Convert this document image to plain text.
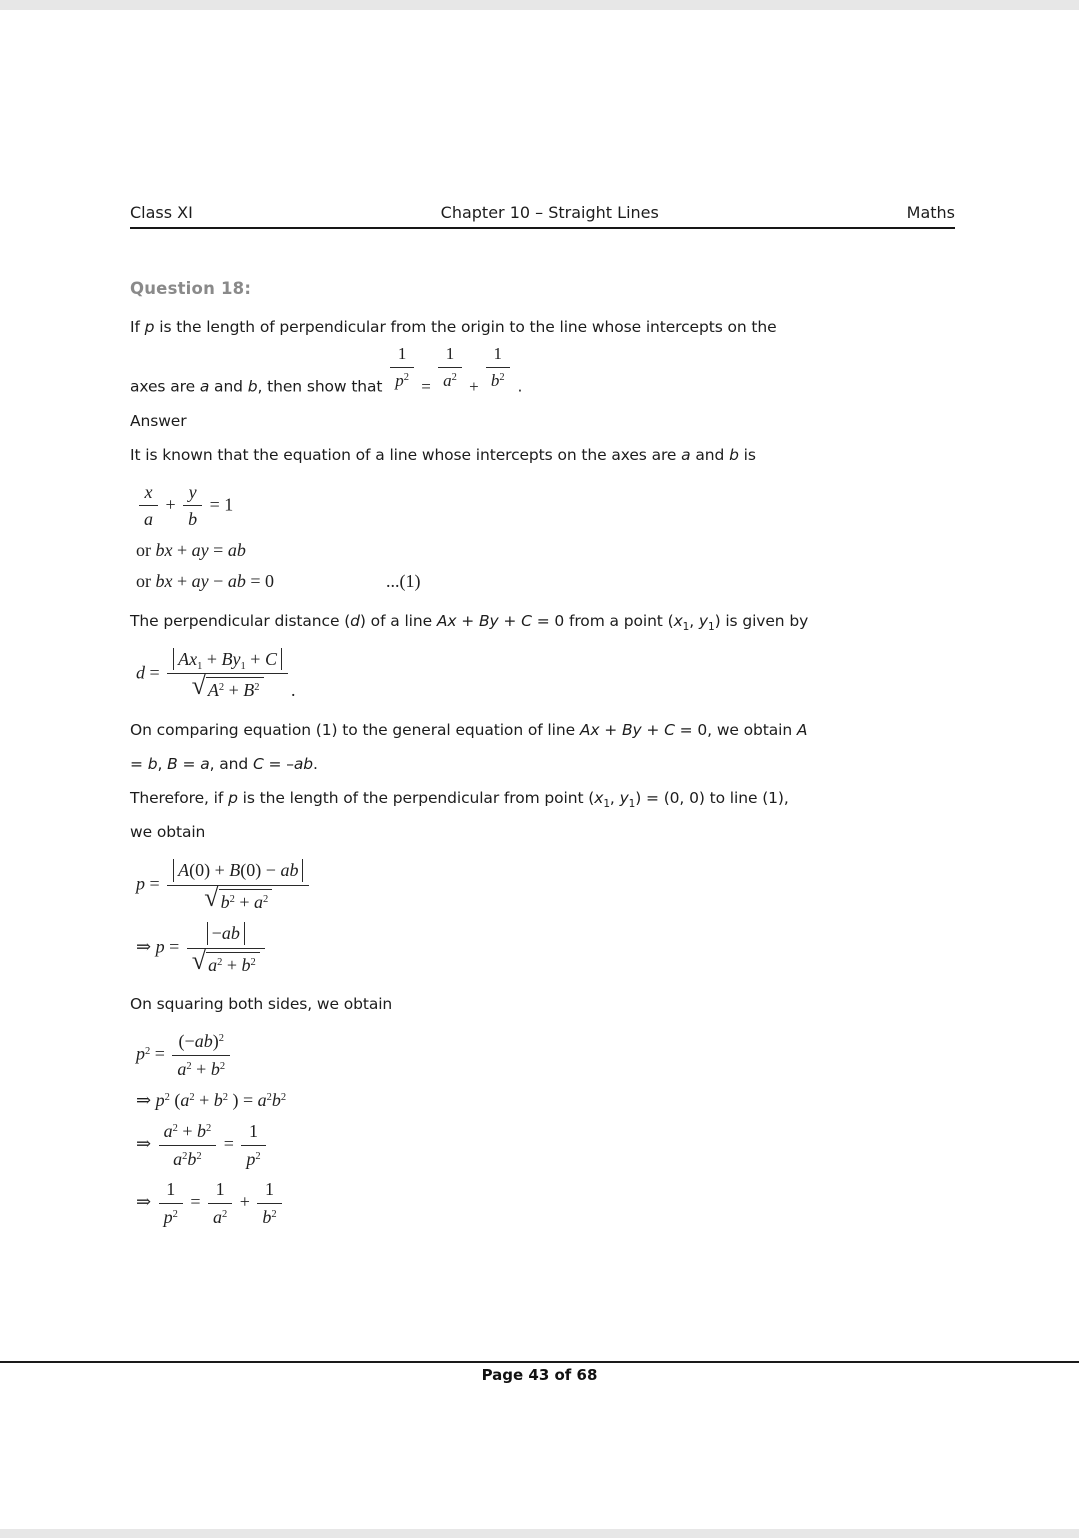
Class XI	Chapter 10 – Straight Lines	Maths
Question 18:
If p is the length of perpendicular from the origin to the line whose intercepts on the
axes are a and b, then show that $\frac{1}{p^2} = \frac{1}{a^2} + \frac{1}{b^2}$ .
Answer
It is known that the equation of a line whose intercepts on the axes are a and b is
$\frac{x}{a} + \frac{y}{b} = 1$
or bx + ay = ab
or bx + ay − ab = 0	...(1)
The perpendicular distance (d) of a line Ax + By + C = 0 from a point ($x_1$, $y_1$) is given by
$d = \frac{Ax_1 + By_1 + C}{√ A^2 + B^2}$ .
On comparing equation (1) to the general equation of line Ax + By + C = 0, we obtain A
= b, B = a, and C = –ab.
Therefore, if p is the length of the perpendicular from point ($x_1$, $y_1) = (0$, 0) to line (1),
we obtain
$p = \frac{A(0) + B(0) - ab}{√ b^2 + a^2}$
⇒ $p = \frac{-ab}{√ a^2 + b^2}$
On squaring both sides, we obtain
$p^2 = \frac{(-ab)^2}{a^2 + b^2}$
⇒ $p^2$ ($a^2 + b^2$ ) = $a^2b^2$
⇒ $\frac{a^2 + b^2}{a^2b^2} = \frac{1}{p^2}$
⇒ $\frac{1}{p^2} = \frac{1}{a^2} + \frac{1}{b^2}$
Page 43 of 68
